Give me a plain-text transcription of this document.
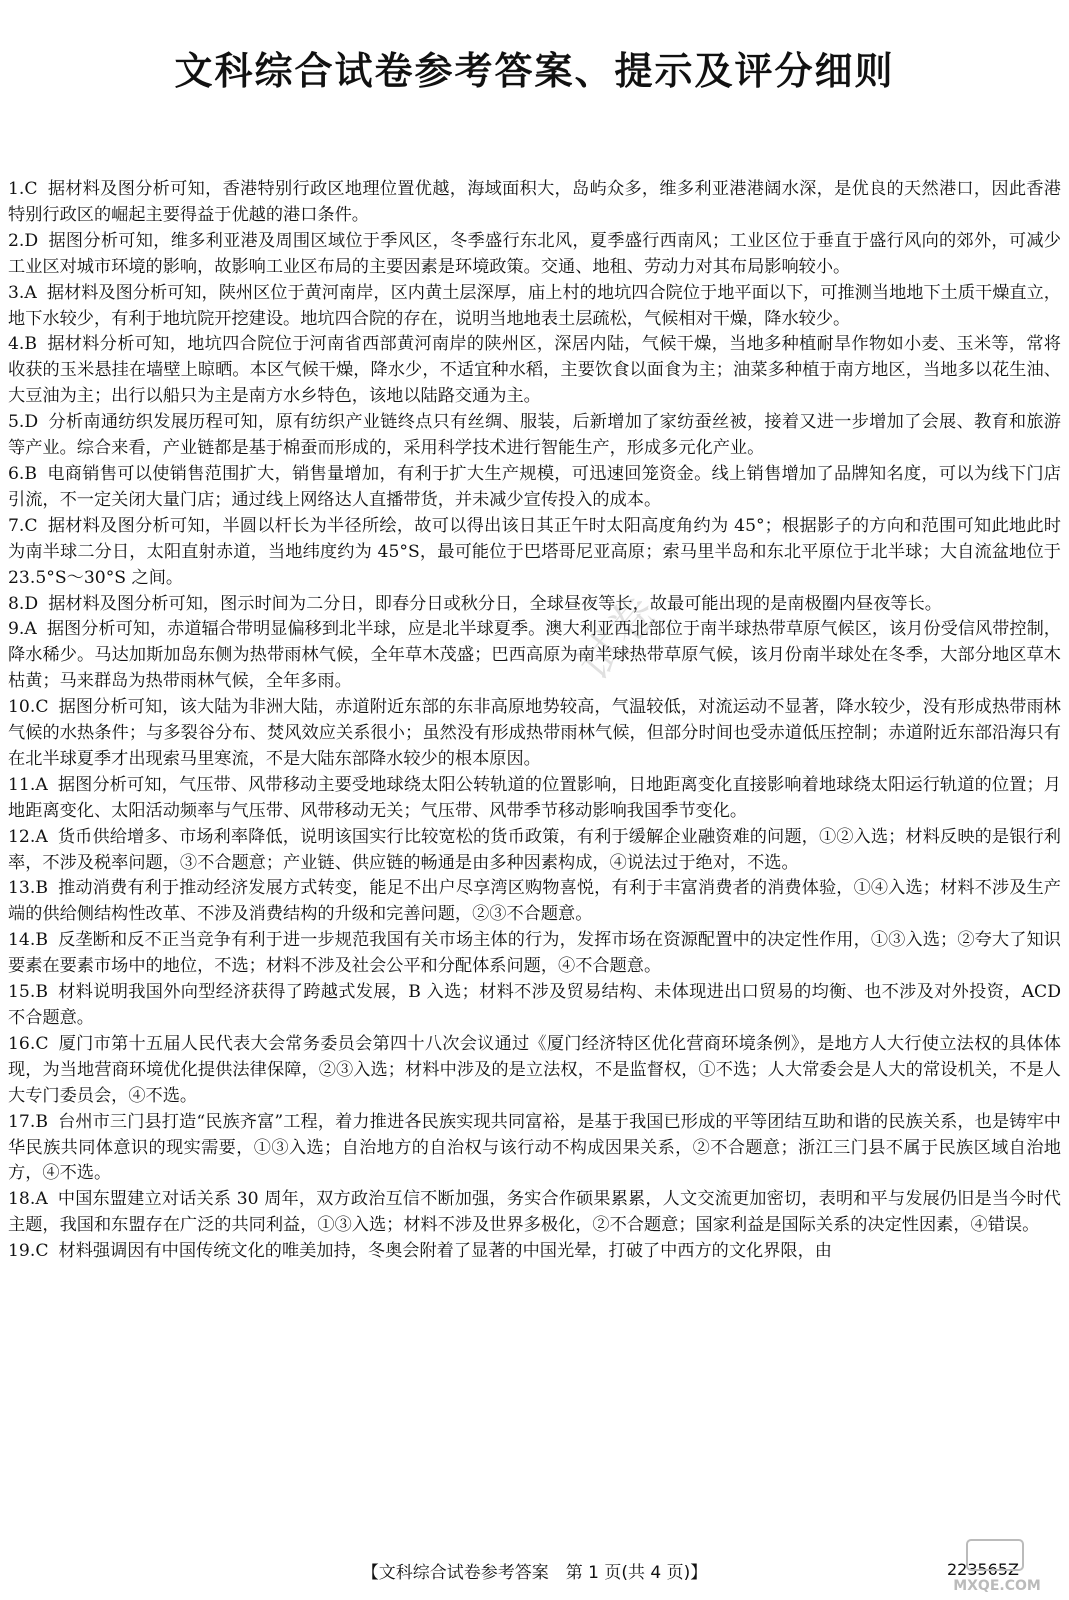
文科综合试卷参考答案、提示及评分细则
试卷

1.C 据材料及图分析可知，香港特别行政区地理位置优越，海域面积大，岛屿众多，维多利亚港港阔水深，是优良的天然港口，因此香港特别行政区的崛起主要得益于优越的港口条件。

2.D 据图分析可知，维多利亚港及周围区域位于季风区，冬季盛行东北风，夏季盛行西南风；工业区位于垂直于盛行风向的郊外，可减少工业区对城市环境的影响，故影响工业区布局的主要因素是环境政策。交通、地租、劳动力对其布局影响较小。

3.A 据材料及图分析可知，陕州区位于黄河南岸，区内黄土层深厚，庙上村的地坑四合院位于地平面以下，可推测当地地下土质干燥直立，地下水较少，有利于地坑院开挖建设。地坑四合院的存在，说明当地地表土层疏松，气候相对干燥，降水较少。

4.B 据材料分析可知，地坑四合院位于河南省西部黄河南岸的陕州区，深居内陆，气候干燥，当地多种植耐旱作物如小麦、玉米等，常将收获的玉米悬挂在墙壁上晾晒。本区气候干燥，降水少，不适宜种水稻，主要饮食以面食为主；油菜多种植于南方地区，当地多以花生油、大豆油为主；出行以船只为主是南方水乡特色，该地以陆路交通为主。

5.D 分析南通纺织发展历程可知，原有纺织产业链终点只有丝绸、服装，后新增加了家纺蚕丝被，接着又进一步增加了会展、教育和旅游等产业。综合来看，产业链都是基于棉蚕而形成的，采用科学技术进行智能生产，形成多元化产业。

6.B 电商销售可以使销售范围扩大，销售量增加，有利于扩大生产规模，可迅速回笼资金。线上销售增加了品牌知名度，可以为线下门店引流，不一定关闭大量门店；通过线上网络达人直播带货，并未减少宣传投入的成本。

7.C 据材料及图分析可知，半圆以杆长为半径所绘，故可以得出该日其正午时太阳高度角约为 45°；根据影子的方向和范围可知此地此时为南半球二分日，太阳直射赤道，当地纬度约为 45°S，最可能位于巴塔哥尼亚高原；索马里半岛和东北平原位于北半球；大自流盆地位于 23.5°S～30°S 之间。

8.D 据材料及图分析可知，图示时间为二分日，即春分日或秋分日，全球昼夜等长，故最可能出现的是南极圈内昼夜等长。

9.A 据图分析可知，赤道辐合带明显偏移到北半球，应是北半球夏季。澳大利亚西北部位于南半球热带草原气候区，该月份受信风带控制，降水稀少。马达加斯加岛东侧为热带雨林气候，全年草木茂盛；巴西高原为南半球热带草原气候，该月份南半球处在冬季，大部分地区草木枯黄；马来群岛为热带雨林气候，全年多雨。

10.C 据图分析可知，该大陆为非洲大陆，赤道附近东部的东非高原地势较高，气温较低，对流运动不显著，降水较少，没有形成热带雨林气候的水热条件；与多裂谷分布、焚风效应关系很小；虽然没有形成热带雨林气候，但部分时间也受赤道低压控制；赤道附近东部沿海只有在北半球夏季才出现索马里寒流，不是大陆东部降水较少的根本原因。

11.A 据图分析可知，气压带、风带移动主要受地球绕太阳公转轨道的位置影响，日地距离变化直接影响着地球绕太阳运行轨道的位置；月地距离变化、太阳活动频率与气压带、风带移动无关；气压带、风带季节移动影响我国季节变化。

12.A 货币供给增多、市场利率降低，说明该国实行比较宽松的货币政策，有利于缓解企业融资难的问题，①②入选；材料反映的是银行利率，不涉及税率问题，③不合题意；产业链、供应链的畅通是由多种因素构成，④说法过于绝对，不选。

13.B 推动消费有利于推动经济发展方式转变，能足不出户尽享湾区购物喜悦，有利于丰富消费者的消费体验，①④入选；材料不涉及生产端的供给侧结构性改革、不涉及消费结构的升级和完善问题，②③不合题意。

14.B 反垄断和反不正当竞争有利于进一步规范我国有关市场主体的行为，发挥市场在资源配置中的决定性作用，①③入选；②夸大了知识要素在要素市场中的地位，不选；材料不涉及社会公平和分配体系问题，④不合题意。

15.B 材料说明我国外向型经济获得了跨越式发展，B 入选；材料不涉及贸易结构、未体现进出口贸易的均衡、也不涉及对外投资，ACD 不合题意。

16.C 厦门市第十五届人民代表大会常务委员会第四十八次会议通过《厦门经济特区优化营商环境条例》，是地方人大行使立法权的具体体现，为当地营商环境优化提供法律保障，②③入选；材料中涉及的是立法权，不是监督权，①不选；人大常委会是人大的常设机关，不是人大专门委员会，④不选。

17.B 台州市三门县打造“民族齐富”工程，着力推进各民族实现共同富裕，是基于我国已形成的平等团结互助和谐的民族关系，也是铸牢中华民族共同体意识的现实需要，①③入选；自治地方的自治权与该行动不构成因果关系，②不合题意；浙江三门县不属于民族区域自治地方，④不选。

18.A 中国东盟建立对话关系 30 周年，双方政治互信不断加强，务实合作硕果累累，人文交流更加密切，表明和平与发展仍旧是当今时代主题，我国和东盟存在广泛的共同利益，①③入选；材料不涉及世界多极化，②不合题意；国家利益是国际关系的决定性因素，④错误。

19.C 材料强调因有中国传统文化的唯美加持，冬奥会附着了显著的中国光晕，打破了中西方的文化界限，由

【文科综合试卷参考答案　第 1 页(共 4 页)】	223565Z
MXQE.COM
